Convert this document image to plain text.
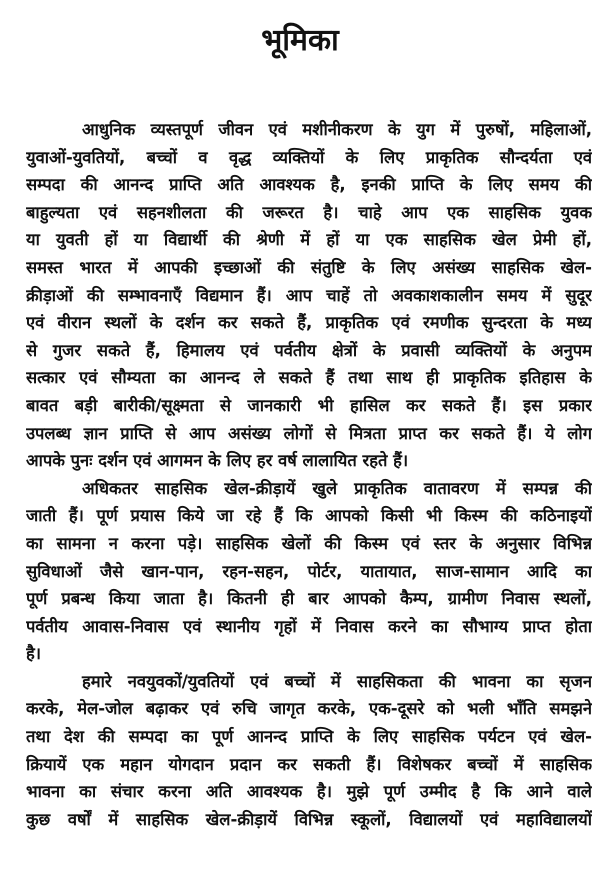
भूमिका
आधुनिक व्यस्तपूर्ण जीवन एवं मशीनीकरण के युग में पुरुषों, महिलाओं,
युवाओं-युवतियों, बच्चों व वृद्ध व्यक्तियों के लिए प्राकृतिक सौन्दर्यता एवं
सम्पदा की आनन्द प्राप्ति अति आवश्यक है, इनकी प्राप्ति के लिए समय की
बाहुल्यता एवं सहनशीलता की जरूरत है। चाहे आप एक साहसिक युवक
या युवती हों या विद्यार्थी की श्रेणी में हों या एक साहसिक खेल प्रेमी हों,
समस्त भारत में आपकी इच्छाओं की संतुष्टि के लिए असंख्य साहसिक खेल-
क्रीड़ाओं की सम्भावनाएँ विद्यमान हैं। आप चाहें तो अवकाशकालीन समय में सुदूर
एवं वीरान स्थलों के दर्शन कर सकते हैं, प्राकृतिक एवं रमणीक सुन्दरता के मध्य
से गुजर सकते हैं, हिमालय एवं पर्वतीय क्षेत्रों के प्रवासी व्यक्तियों के अनुपम
सत्कार एवं सौम्यता का आनन्द ले सकते हैं तथा साथ ही प्राकृतिक इतिहास के
बावत बड़ी बारीकी/सूक्ष्मता से जानकारी भी हासिल कर सकते हैं। इस प्रकार
उपलब्ध ज्ञान प्राप्ति से आप असंख्य लोगों से मित्रता प्राप्त कर सकते हैं। ये लोग
आपके पुनः दर्शन एवं आगमन के लिए हर वर्ष लालायित रहते हैं।
अधिकतर साहसिक खेल-क्रीड़ायें खुले प्राकृतिक वातावरण में सम्पन्न की
जाती हैं। पूर्ण प्रयास किये जा रहे हैं कि आपको किसी भी किस्म की कठिनाइयों
का सामना न करना पड़े। साहसिक खेलों की किस्म एवं स्तर के अनुसार विभिन्न
सुविधाओं जैसे खान-पान, रहन-सहन, पोर्टर, यातायात, साज-सामान आदि का
पूर्ण प्रबन्ध किया जाता है। कितनी ही बार आपको कैम्प, ग्रामीण निवास स्थलों,
पर्वतीय आवास-निवास एवं स्थानीय गृहों में निवास करने का सौभाग्य प्राप्त होता
है।
हमारे नवयुवकों/युवतियों एवं बच्चों में साहसिकता की भावना का सृजन
करके, मेल-जोल बढ़ाकर एवं रुचि जागृत करके, एक-दूसरे को भली भाँति समझने
तथा देश की सम्पदा का पूर्ण आनन्द प्राप्ति के लिए साहसिक पर्यटन एवं खेल-
क्रियायें एक महान योगदान प्रदान कर सकती हैं। विशेषकर बच्चों में साहसिक
भावना का संचार करना अति आवश्यक है। मुझे पूर्ण उम्मीद है कि आने वाले
कुछ वर्षों में साहसिक खेल-क्रीड़ायें विभिन्न स्कूलों, विद्यालयों एवं महाविद्यालयों
